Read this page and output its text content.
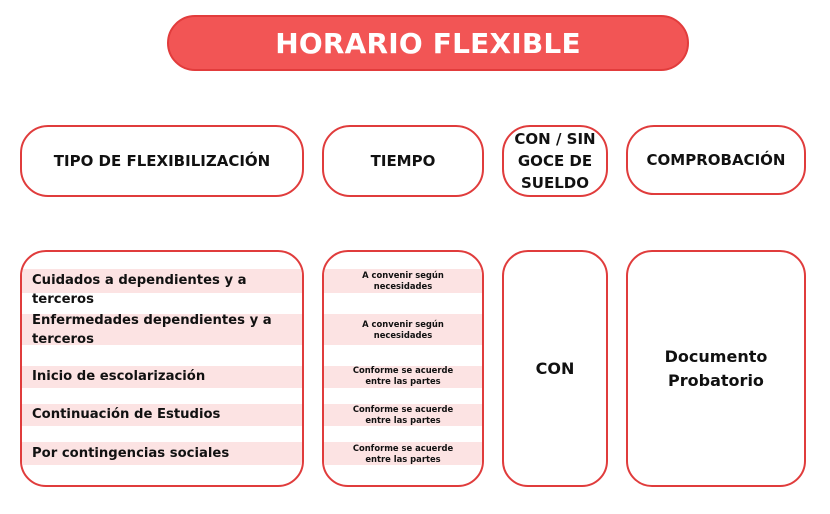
HORARIO FLEXIBLE
TIPO DE FLEXIBILIZACIÓN	TIEMPO
CON / SIN
GOCE DE
SUELDO
COMPROBACIÓN
Cuidados a dependientes y a terceros
Enfermedades dependientes y a
terceros
Inicio de escolarización
Continuación de Estudios
Por contingencias sociales
A convenir según
necesidades
A convenir según
necesidades
Conforme se acuerde
entre las partes
Conforme se acuerde
entre las partes
Conforme se acuerde
entre las partes
CON
Documento
Probatorio
